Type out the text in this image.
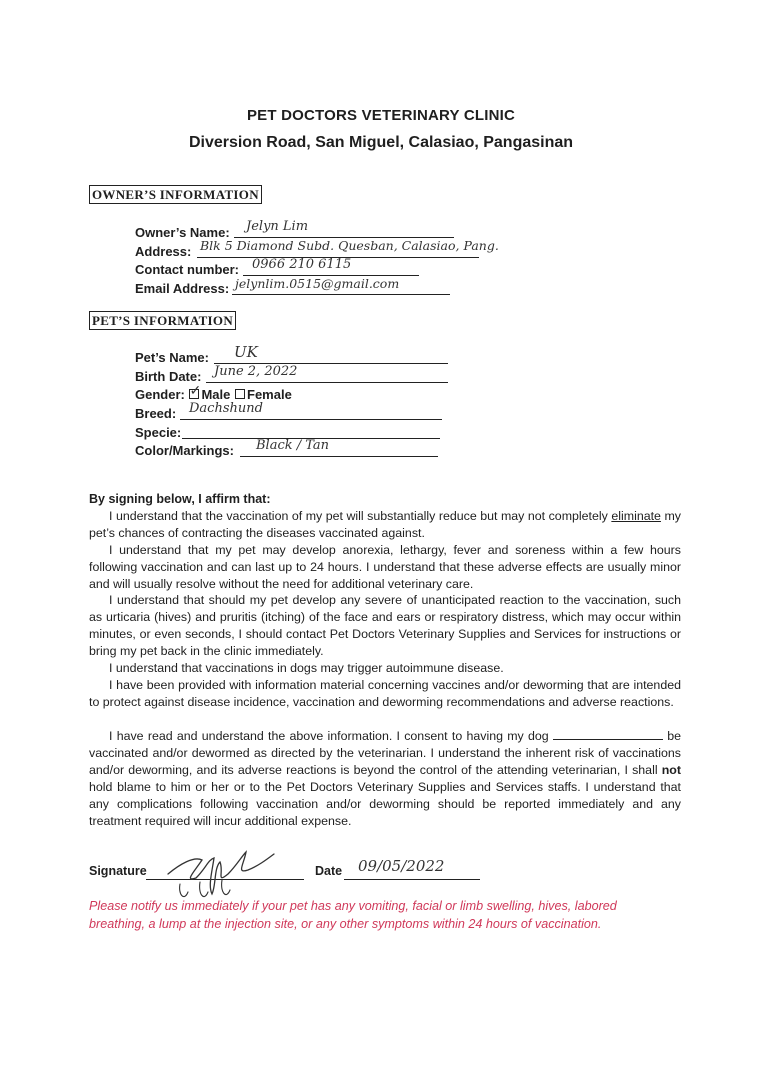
PET DOCTORS VETERINARY CLINIC
Diversion Road, San Miguel, Calasiao, Pangasinan
OWNER’S INFORMATION
Owner’s Name: Jelyn Lim
Address: Blk 5 Diamond Subd. Quesban, Calasiao, Pang.
Contact number: 0966 210 6115
Email Address: jelynlim.0515@gmail.com
PET’S INFORMATION
Pet’s Name: UK
Birth Date: June 2, 2022
Gender: ✓ Male Female
Breed: Dachshund
Specie:
Color/Markings: Black / Tan
By signing below, I affirm that:
I understand that the vaccination of my pet will substantially reduce but may not completely eliminate my pet’s chances of contracting the diseases vaccinated against.
I understand that my pet may develop anorexia, lethargy, fever and soreness within a few hours following vaccination and can last up to 24 hours. I understand that these adverse effects are usually minor and will usually resolve without the need for additional veterinary care.
I understand that should my pet develop any severe of unanticipated reaction to the vaccination, such as urticaria (hives) and pruritis (itching) of the face and ears or respiratory distress, which may occur within minutes, or even seconds, I should contact Pet Doctors Veterinary Supplies and Services for instructions or bring my pet back in the clinic immediately.
I understand that vaccinations in dogs may trigger autoimmune disease.
I have been provided with information material concerning vaccines and/or deworming that are intended to protect against disease incidence, vaccination and deworming recommendations and adverse reactions.
I have read and understand the above information. I consent to having my dog	be vaccinated and/or dewormed as directed by the veterinarian. I understand the inherent risk of vaccinations and/or deworming, and its adverse reactions is beyond the control of the attending veterinarian, I shall not hold blame to him or her or to the Pet Doctors Veterinary Supplies and Services staffs. I understand that any complications following vaccination and/or deworming should be reported immediately and any treatment required will incur additional expense.
Signature	Date 09/05/2022
Please notify us immediately if your pet has any vomiting, facial or limb swelling, hives, labored breathing, a lump at the injection site, or any other symptoms within 24 hours of vaccination.
